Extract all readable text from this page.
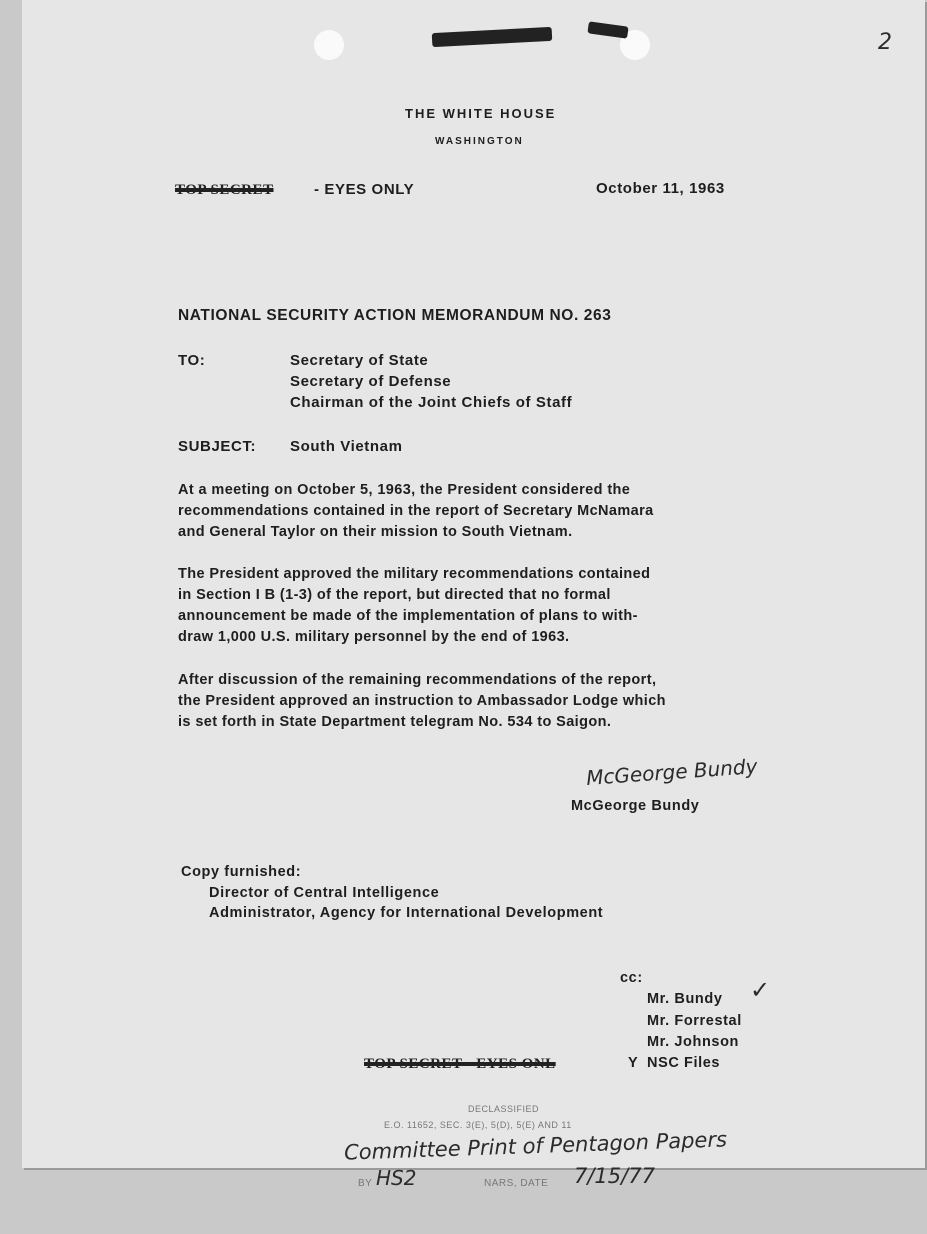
2
THE WHITE HOUSE
WASHINGTON
TOP SECRET	- EYES ONLY	October 11, 1963
NATIONAL SECURITY ACTION MEMORANDUM NO. 263
TO:	Secretary of State
Secretary of Defense
Chairman of the Joint Chiefs of Staff
SUBJECT: South Vietnam
At a meeting on October 5, 1963, the President considered the
recommendations contained in the report of Secretary McNamara
and General Taylor on their mission to South Vietnam.
The President approved the military recommendations contained
in Section I B (1-3) of the report, but directed that no formal
announcement be made of the implementation of plans to with-
draw 1,000 U.S. military personnel by the end of 1963.
After discussion of the remaining recommendations of the report,
the President approved an instruction to Ambassador Lodge which
is set forth in State Department telegram No. 534 to Saigon.
McGeorge Bundy
McGeorge Bundy
Copy furnished:
Director of Central Intelligence
Administrator, Agency for International Development
cc:
Mr. Bundy ✓
Mr. Forrestal
Mr. Johnson
TOP SECRET - EYES ONL	Y NSC Files
DECLASSIFIED
E.O. 11652, SEC. 3(E), 5(D), 5(E) AND 11
Committee Print of Pentagon Papers
BY HS2	NARS, DATE 7/15/77
